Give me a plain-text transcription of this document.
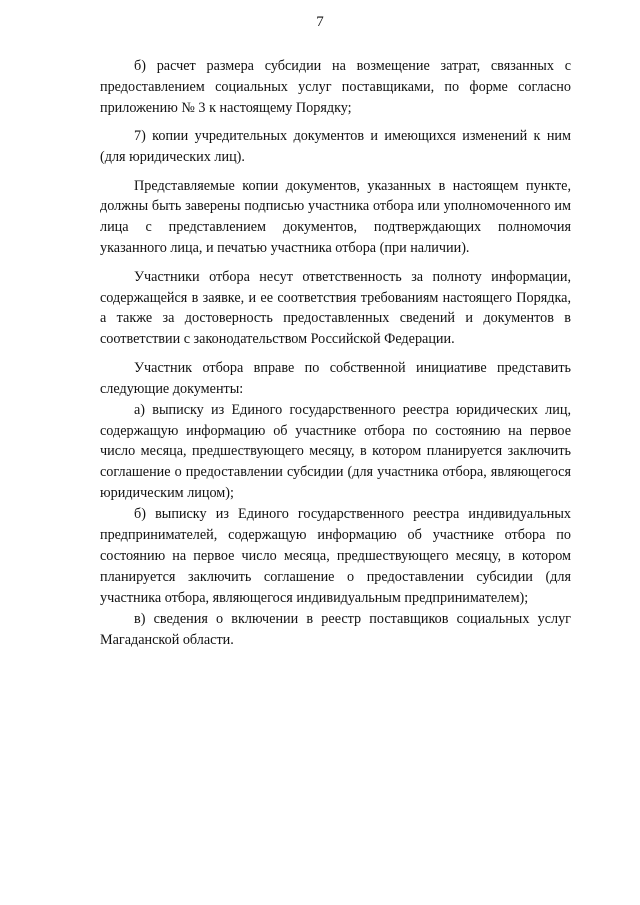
7

б) расчет размера субсидии на возмещение затрат, связанных с предоставлением социальных услуг поставщиками, по форме согласно приложению № 3 к настоящему Порядку;

7) копии учредительных документов и имеющихся изменений к ним (для юридических лиц).

Представляемые копии документов, указанных в настоящем пункте, должны быть заверены подписью участника отбора или уполномоченного им лица с представлением документов, подтверждающих полномочия указанного лица, и печатью участника отбора (при наличии).

Участники отбора несут ответственность за полноту информации, содержащейся в заявке, и ее соответствия требованиям настоящего Порядка, а также за достоверность предоставленных сведений и документов в соответствии с законодательством Российской Федерации.

Участник отбора вправе по собственной инициативе представить следующие документы:

а) выписку из Единого государственного реестра юридических лиц, содержащую информацию об участнике отбора по состоянию на первое число месяца, предшествующего месяцу, в котором планируется заключить соглашение о предоставлении субсидии (для участника отбора, являющегося юридическим лицом);

б) выписку из Единого государственного реестра индивидуальных предпринимателей, содержащую информацию об участнике отбора по состоянию на первое число месяца, предшествующего месяцу, в котором планируется заключить соглашение о предоставлении субсидии (для участника отбора, являющегося индивидуальным предпринимателем);

в) сведения о включении в реестр поставщиков социальных услуг Магаданской области.
